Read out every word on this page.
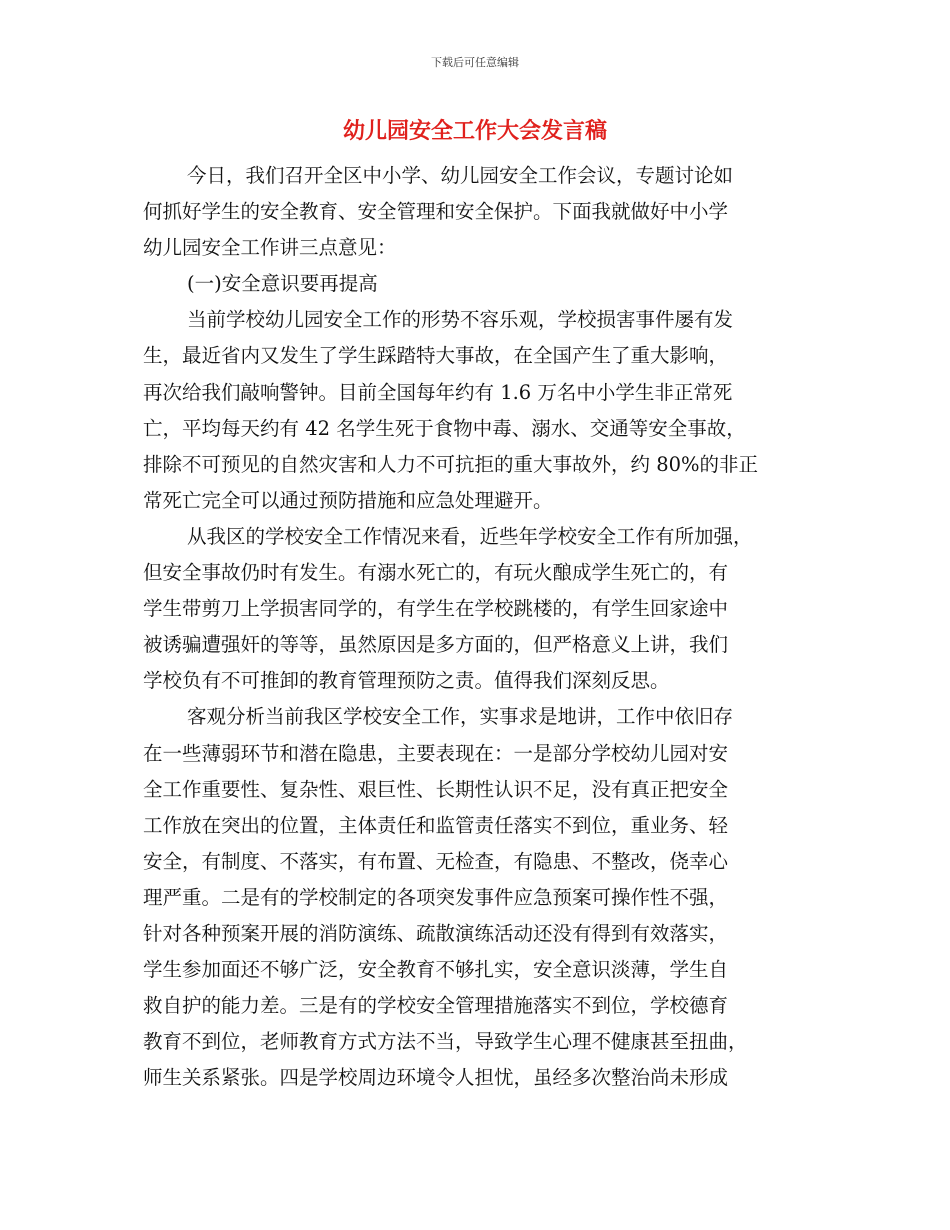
下载后可任意编辑
幼儿园安全工作大会发言稿
今日，我们召开全区中小学、幼儿园安全工作会议，专题讨论如
何抓好学生的安全教育、安全管理和安全保护。下面我就做好中小学
幼儿园安全工作讲三点意见：
(一)安全意识要再提高
当前学校幼儿园安全工作的形势不容乐观，学校损害事件屡有发
生，最近省内又发生了学生踩踏特大事故，在全国产生了重大影响，
再次给我们敲响警钟。目前全国每年约有 1.6 万名中小学生非正常死
亡，平均每天约有 42 名学生死于食物中毒、溺水、交通等安全事故，
排除不可预见的自然灾害和人力不可抗拒的重大事故外，约 80%的非正
常死亡完全可以通过预防措施和应急处理避开。
从我区的学校安全工作情况来看，近些年学校安全工作有所加强，
但安全事故仍时有发生。有溺水死亡的，有玩火酿成学生死亡的，有
学生带剪刀上学损害同学的，有学生在学校跳楼的，有学生回家途中
被诱骗遭强奸的等等，虽然原因是多方面的，但严格意义上讲，我们
学校负有不可推卸的教育管理预防之责。值得我们深刻反思。
客观分析当前我区学校安全工作，实事求是地讲，工作中依旧存
在一些薄弱环节和潜在隐患，主要表现在：一是部分学校幼儿园对安
全工作重要性、复杂性、艰巨性、长期性认识不足，没有真正把安全
工作放在突出的位置，主体责任和监管责任落实不到位，重业务、轻
安全，有制度、不落实，有布置、无检查，有隐患、不整改，侥幸心
理严重。二是有的学校制定的各项突发事件应急预案可操作性不强，
针对各种预案开展的消防演练、疏散演练活动还没有得到有效落实，
学生参加面还不够广泛，安全教育不够扎实，安全意识淡薄，学生自
救自护的能力差。三是有的学校安全管理措施落实不到位，学校德育
教育不到位，老师教育方式方法不当，导致学生心理不健康甚至扭曲，
师生关系紧张。四是学校周边环境令人担忧，虽经多次整治尚未形成
